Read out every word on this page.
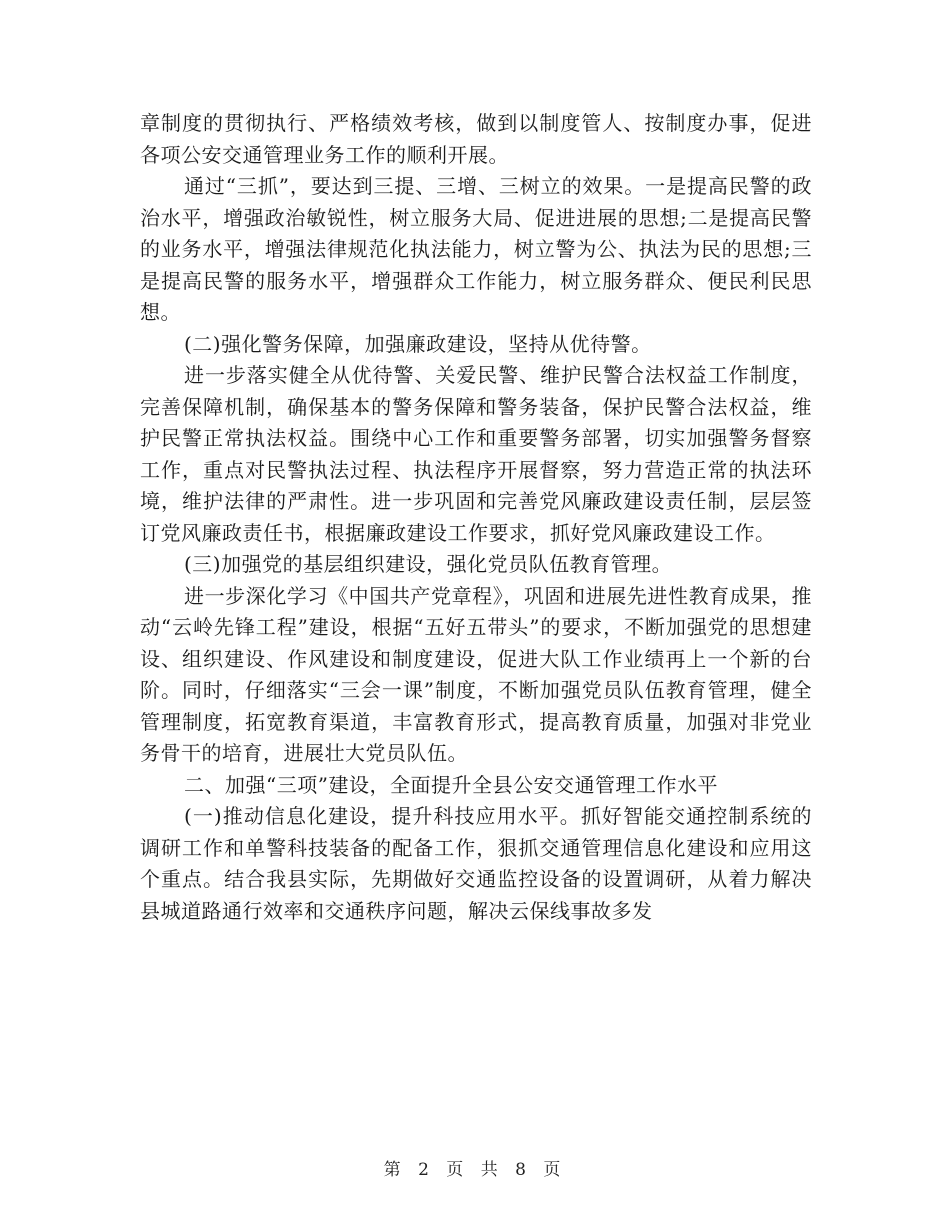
章制度的贯彻执行、严格绩效考核，做到以制度管人、按制度办事，促进各项公安交通管理业务工作的顺利开展。

通过“三抓”，要达到三提、三增、三树立的效果。一是提高民警的政治水平，增强政治敏锐性，树立服务大局、促进进展的思想;二是提高民警的业务水平，增强法律规范化执法能力，树立警为公、执法为民的思想;三是提高民警的服务水平，增强群众工作能力，树立服务群众、便民利民思想。

(二)强化警务保障，加强廉政建设，坚持从优待警。

进一步落实健全从优待警、关爱民警、维护民警合法权益工作制度，完善保障机制，确保基本的警务保障和警务装备，保护民警合法权益，维护民警正常执法权益。围绕中心工作和重要警务部署，切实加强警务督察工作，重点对民警执法过程、执法程序开展督察，努力营造正常的执法环境，维护法律的严肃性。进一步巩固和完善党风廉政建设责任制，层层签订党风廉政责任书，根据廉政建设工作要求，抓好党风廉政建设工作。

(三)加强党的基层组织建设，强化党员队伍教育管理。

进一步深化学习《中国共产党章程》，巩固和进展先进性教育成果，推动“云岭先锋工程”建设，根据“五好五带头”的要求，不断加强党的思想建设、组织建设、作风建设和制度建设，促进大队工作业绩再上一个新的台阶。同时，仔细落实“三会一课”制度，不断加强党员队伍教育管理，健全管理制度，拓宽教育渠道，丰富教育形式，提高教育质量，加强对非党业务骨干的培育，进展壮大党员队伍。

二、加强“三项”建设，全面提升全县公安交通管理工作水平

(一)推动信息化建设，提升科技应用水平。抓好智能交通控制系统的调研工作和单警科技装备的配备工作，狠抓交通管理信息化建设和应用这个重点。结合我县实际，先期做好交通监控设备的设置调研，从着力解决县城道路通行效率和交通秩序问题，解决云保线事故多发

第 2 页 共 8 页
